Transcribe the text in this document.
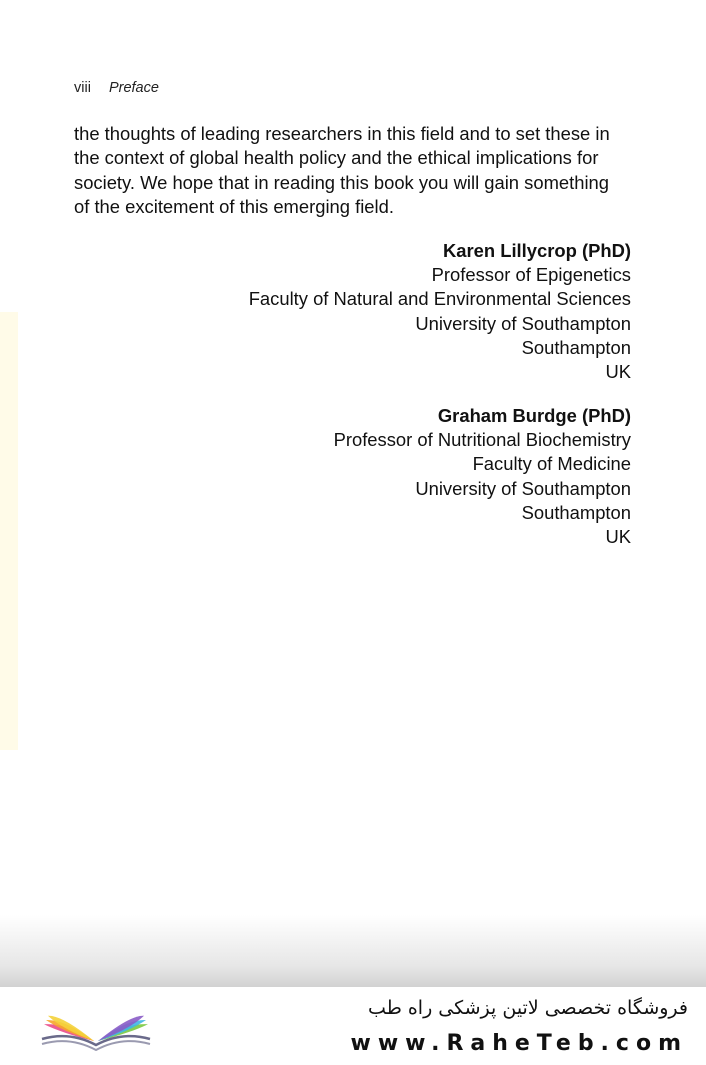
viii Preface

the thoughts of leading researchers in this field and to set these in

the context of global health policy and the ethical implications for

society. We hope that in reading this book you will gain something

of the excitement of this emerging field.

Karen Lillycrop (PhD)
Professor of Epigenetics
Faculty of Natural and Environmental Sciences
University of Southampton
Southampton
UK
Graham Burdge (PhD)
Professor of Nutritional Biochemistry
Faculty of Medicine
University of Southampton
Southampton
UK
فروشگاه تخصصی لاتین پزشکی راه طب
www.RaheTeb.com
